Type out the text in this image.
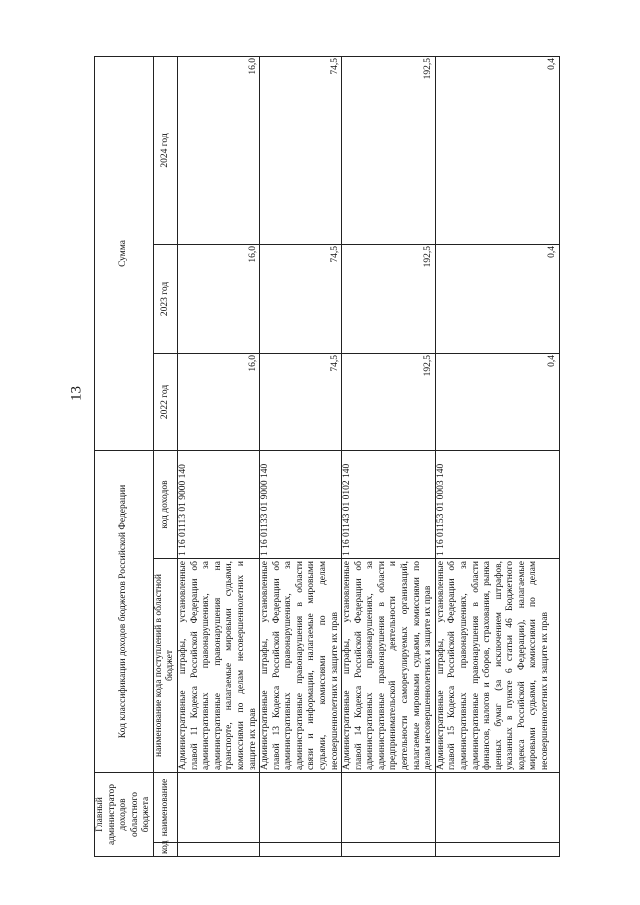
13
Главный администратор доходов областного бюджета		Код классификации доходов бюджетов Российской Федерации		Сумма		
код	наименование	наименование кода поступлений в областной бюджет	код доходов	2022 год	2023 год	2024 год
		Административные штрафы, установленные главой 11 Кодекса Российской Федерации об административных правонарушениях, за административные правонарушения на транспорте, налагаемые мировыми судьями, комиссиями по делам несовершеннолетних и защите их прав	1 16 01113 01 9000 140	16,0	16,0	16,0
		Административные штрафы, установленные главой 13 Кодекса Российской Федерации об административных правонарушениях, за административные правонарушения в области связи и информации, налагаемые мировыми судьями, комиссиями по делам несовершеннолетних и защите их прав	1 16 01133 01 9000 140	74,5	74,5	74,5
		Административные штрафы, установленные главой 14 Кодекса Российской Федерации об административных правонарушениях, за административные правонарушения в области предпринимательской деятельности и деятельности саморегулируемых организаций, налагаемые мировыми судьями, комиссиями по делам несовершеннолетних и защите их прав	1 16 01143 01 0102 140	192,5	192,5	192,5
		Административные штрафы, установленные главой 15 Кодекса Российской Федерации об административных правонарушениях, за административные правонарушения в области финансов, налогов и сборов, страхования, рынка ценных бумаг (за исключением штрафов, указанных в пункте 6 статьи 46 Бюджетного кодекса Российской Федерации), налагаемые мировыми судьями, комиссиями по делам несовершеннолетних и защите их прав	1 16 01153 01 0003 140	0,4	0,4	0,4
